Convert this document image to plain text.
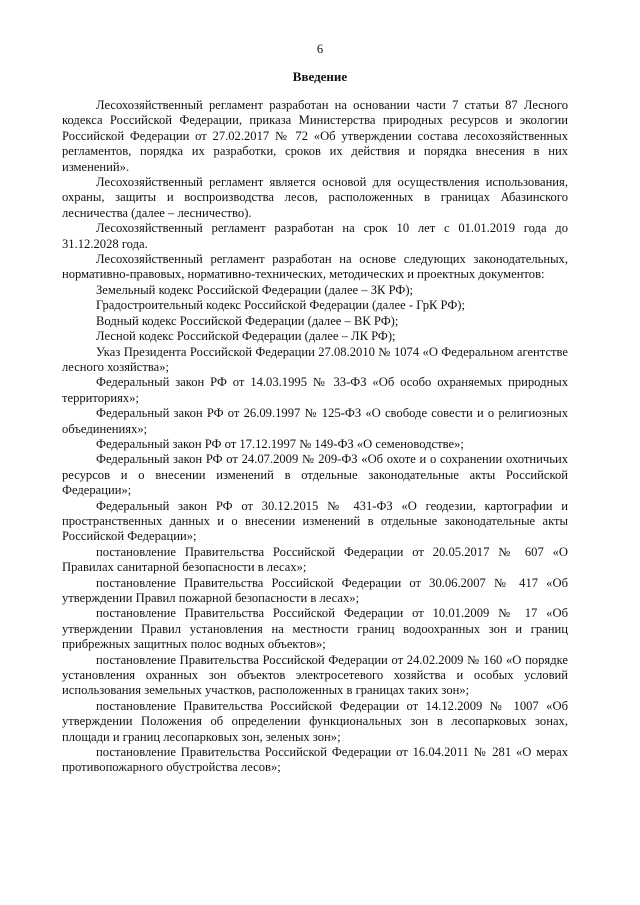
6
Введение

Лесохозяйственный регламент разработан на основании части 7 статьи 87 Лесного кодекса Российской Федерации, приказа Министерства природных ресурсов и экологии Российской Федерации от 27.02.2017 № 72 «Об утверждении состава лесохозяйственных регламентов, порядка их разработки, сроков их действия и порядка внесения в них изменений».

Лесохозяйственный регламент является основой для осуществления использования, охраны, защиты и воспроизводства лесов, расположенных в границах Абазинского лесничества (далее – лесничество).

Лесохозяйственный регламент разработан на срок 10 лет с 01.01.2019 года до 31.12.2028 года.

Лесохозяйственный регламент разработан на основе следующих законодательных, нормативно-правовых, нормативно-технических, методических и проектных документов:

Земельный кодекс Российской Федерации (далее – ЗК РФ);

Градостроительный кодекс Российской Федерации (далее - ГрК РФ);

Водный кодекс Российской Федерации (далее – ВК РФ);

Лесной кодекс Российской Федерации (далее – ЛК РФ);

Указ Президента Российской Федерации 27.08.2010 № 1074 «О Федеральном агентстве лесного хозяйства»;

Федеральный закон РФ от 14.03.1995 № 33-ФЗ «Об особо охраняемых природных территориях»;

Федеральный закон РФ от 26.09.1997 № 125-ФЗ «О свободе совести и о религиозных объединениях»;

Федеральный закон РФ от 17.12.1997 № 149-ФЗ «О семеноводстве»;

Федеральный закон РФ от 24.07.2009 № 209-ФЗ «Об охоте и о сохранении охотничьих ресурсов и о внесении изменений в отдельные законодательные акты Российской Федерации»;

Федеральный закон РФ от 30.12.2015 № 431-ФЗ «О геодезии, картографии и пространственных данных и о внесении изменений в отдельные законодательные акты Российской Федерации»;

постановление Правительства Российской Федерации от 20.05.2017 № 607 «О Правилах санитарной безопасности в лесах»;

постановление Правительства Российской Федерации от 30.06.2007 № 417 «Об утверждении Правил пожарной безопасности в лесах»;

постановление Правительства Российской Федерации от 10.01.2009 № 17 «Об утверждении Правил установления на местности границ водоохранных зон и границ прибрежных защитных полос водных объектов»;

постановление Правительства Российской Федерации от 24.02.2009 № 160 «О порядке установления охранных зон объектов электросетевого хозяйства и особых условий использования земельных участков, расположенных в границах таких зон»;

постановление Правительства Российской Федерации от 14.12.2009 № 1007 «Об утверждении Положения об определении функциональных зон в лесопарковых зонах, площади и границ лесопарковых зон, зеленых зон»;

постановление Правительства Российской Федерации от 16.04.2011 № 281 «О мерах противопожарного обустройства лесов»;
